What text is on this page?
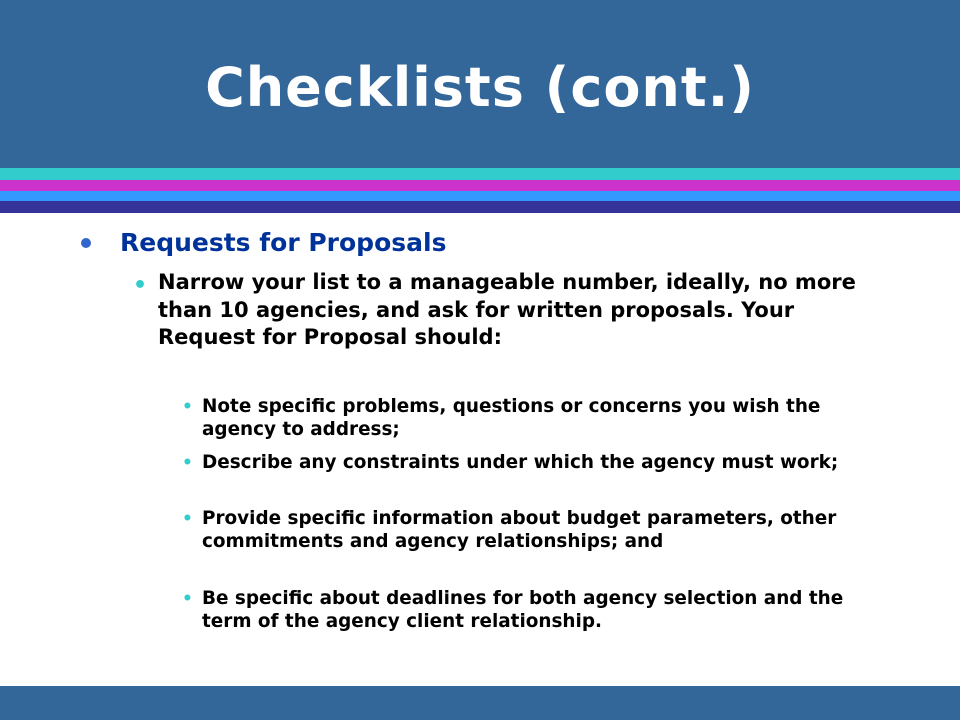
Checklists (cont.)
Requests for Proposals
• Narrow your list to a manageable number, ideally, no more than 10 agencies, and ask for written proposals. Your Request for Proposal should:
• Note specific problems, questions or concerns you wish the agency to address;
• Describe any constraints under which the agency must work;
• Provide specific information about budget parameters, other commitments and agency relationships; and
• Be specific about deadlines for both agency selection and the term of the agency client relationship.
